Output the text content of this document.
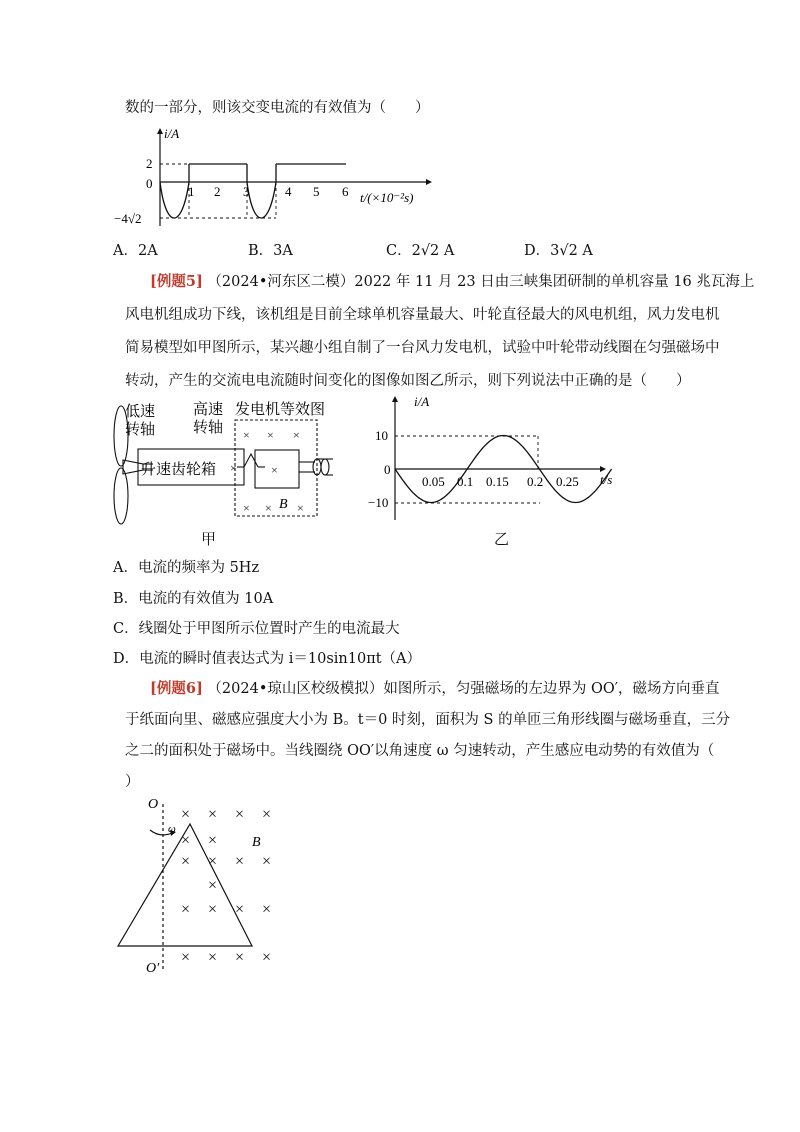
数的一部分，则该交变电流的有效值为（　　）
i/A
2
0
−4√2
1 2 3	4 5 6 t/(×10⁻²s)
A．2A	B．3A	C．2√2 A	D．3√2 A
[例题5] （2024•河东区二模）2022 年 11 月 23 日由三峡集团研制的单机容量 16 兆瓦海上
风电机组成功下线，该机组是目前全球单机容量最大、叶轮直径最大的风电机组，风力发电机
简易模型如甲图所示，某兴趣小组自制了一台风力发电机，试验中叶轮带动线圈在匀强磁场中
转动，产生的交流电电流随时间变化的图像如图乙所示，则下列说法中正确的是（　　）
× × ×
×	×
× × ×
B
低速
转轴
高速
转轴
发电机等效图
升速齿轮箱
甲
i/A
10
0
−10
0.05 0.1 0.15 0.2 0.25 t/s
乙
A．电流的频率为 5Hz
B．电流的有效值为 10A
C．线圈处于甲图所示位置时产生的电流最大
D．电流的瞬时值表达式为 i＝10sin10πt（A）
[例题6] （2024•琼山区校级模拟）如图所示，匀强磁场的左边界为 OO′，磁场方向垂直
于纸面向里、磁感应强度大小为 B。t＝0 时刻，面积为 S 的单匝三角形线圈与磁场垂直，三分
之二的面积处于磁场中。当线圈绕 OO′以角速度 ω 匀速转动，产生感应电动势的有效值为（
）
× × × ×
× ×
× × × ×
× × × ×
× × × ×
×
O
O′
ω
B
